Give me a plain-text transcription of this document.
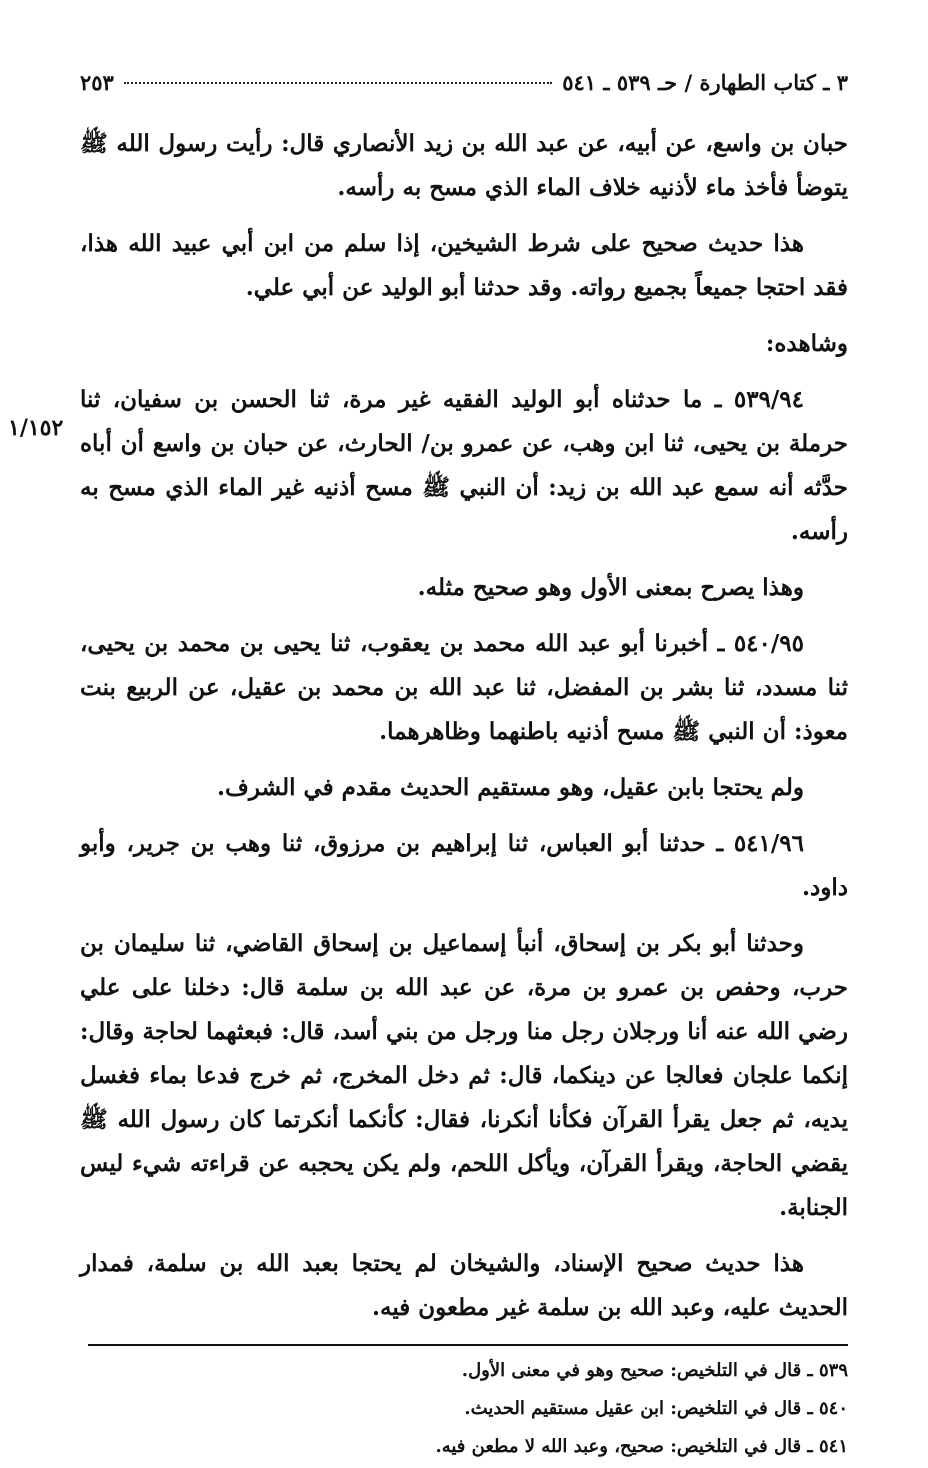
٣ ـ كتاب الطهارة / حـ ٥٣٩ ـ ٥٤١
٢٥٣

حبان بن واسع، عن أبيه، عن عبد الله بن زيد الأنصاري قال: رأيت رسول الله ﷺ يتوضأ فأخذ ماء لأذنيه خلاف الماء الذي مسح به رأسه.

هذا حديث صحيح على شرط الشيخين، إذا سلم من ابن أبي عبيد الله هذا، فقد احتجا جميعاً بجميع رواته. وقد حدثنا أبو الوليد عن أبي علي.

وشاهده:

٥٣٩/٩٤ ـ ما حدثناه أبو الوليد الفقيه غير مرة، ثنا الحسن بن سفيان، ثنا حرملة بن يحيى، ثنا ابن وهب، عن عمرو بن/ الحارث، عن حبان بن واسع أن أباه حدَّثه أنه سمع عبد الله بن زيد: أن النبي ﷺ مسح أذنيه غير الماء الذي مسح به رأسه.

وهذا يصرح بمعنى الأول وهو صحيح مثله.

٥٤٠/٩٥ ـ أخبرنا أبو عبد الله محمد بن يعقوب، ثنا يحيى بن محمد بن يحيى، ثنا مسدد، ثنا بشر بن المفضل، ثنا عبد الله بن محمد بن عقيل، عن الربيع بنت معوذ: أن النبي ﷺ مسح أذنيه باطنهما وظاهرهما.

ولم يحتجا بابن عقيل، وهو مستقيم الحديث مقدم في الشرف.

٥٤١/٩٦ ـ حدثنا أبو العباس، ثنا إبراهيم بن مرزوق، ثنا وهب بن جرير، وأبو داود.

وحدثنا أبو بكر بن إسحاق، أنبأ إسماعيل بن إسحاق القاضي، ثنا سليمان بن حرب، وحفص بن عمرو بن مرة، عن عبد الله بن سلمة قال: دخلنا على علي رضي الله عنه أنا ورجلان رجل منا ورجل من بني أسد، قال: فبعثهما لحاجة وقال: إنكما علجان فعالجا عن دينكما، قال: ثم دخل المخرج، ثم خرج فدعا بماء فغسل يديه، ثم جعل يقرأ القرآن فكأنا أنكرنا، فقال: كأنكما أنكرتما كان رسول الله ﷺ يقضي الحاجة، ويقرأ القرآن، ويأكل اللحم، ولم يكن يحجبه عن قراءته شيء ليس الجنابة.

هذا حديث صحيح الإسناد، والشيخان لم يحتجا بعبد الله بن سلمة، فمدار الحديث عليه، وعبد الله بن سلمة غير مطعون فيه.

٥٣٩ ـ قال في التلخيص: صحيح وهو في معنى الأول.

٥٤٠ ـ قال في التلخيص: ابن عقيل مستقيم الحديث.

٥٤١ ـ قال في التلخيص: صحيح، وعبد الله لا مطعن فيه.

١/١٥٢
